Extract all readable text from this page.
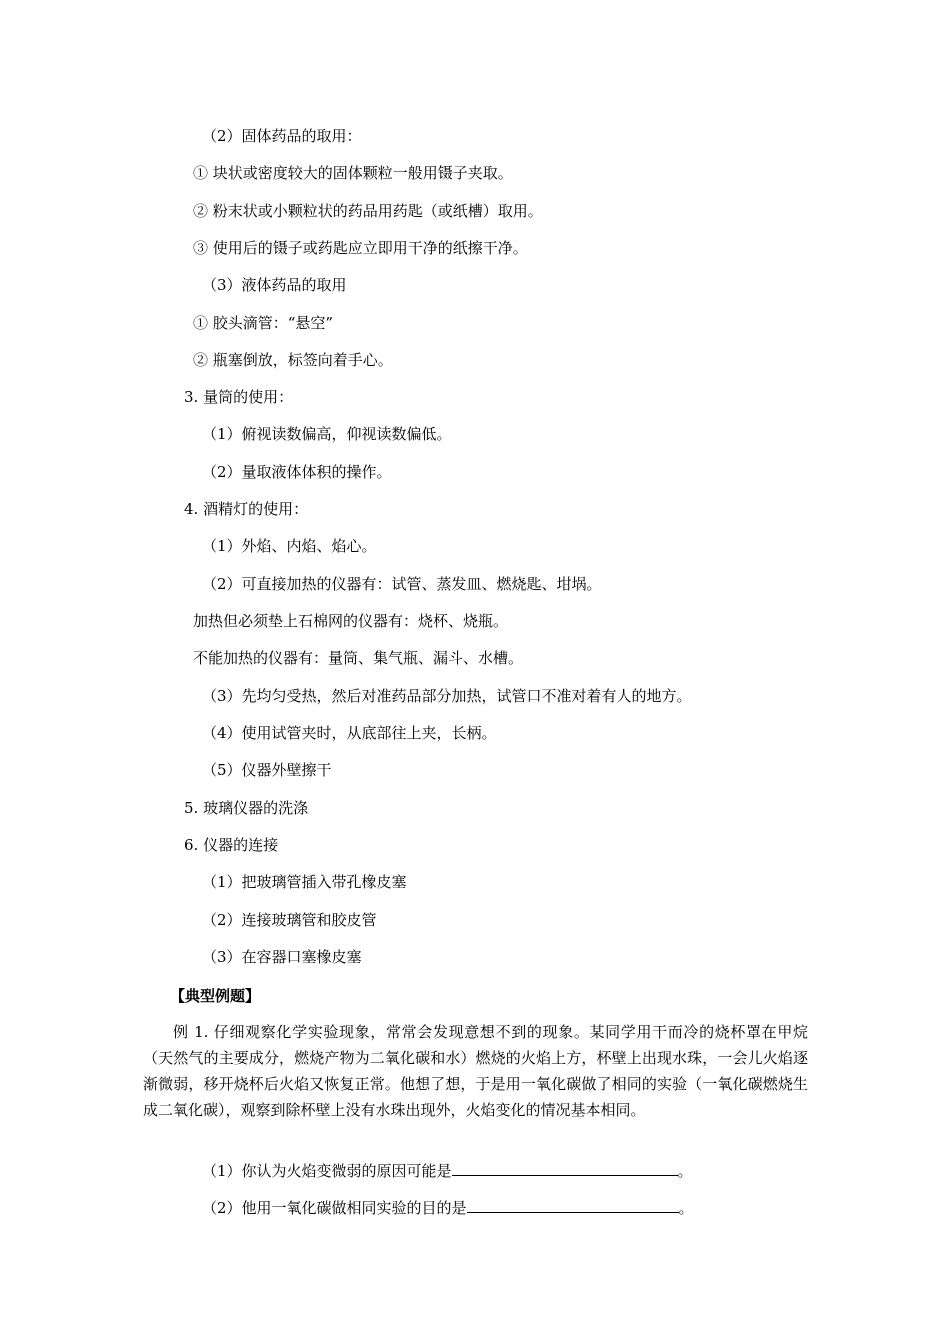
（2）固体药品的取用：
① 块状或密度较大的固体颗粒一般用镊子夹取。
② 粉末状或小颗粒状的药品用药匙（或纸槽）取用。
③ 使用后的镊子或药匙应立即用干净的纸擦干净。
（3）液体药品的取用
① 胶头滴管：“悬空”
② 瓶塞倒放，标签向着手心。
3. 量筒的使用：
（1）俯视读数偏高，仰视读数偏低。
（2）量取液体体积的操作。
4. 酒精灯的使用：
（1）外焰、内焰、焰心。
（2）可直接加热的仪器有：试管、蒸发皿、燃烧匙、坩埚。
加热但必须垫上石棉网的仪器有：烧杯、烧瓶。
不能加热的仪器有：量筒、集气瓶、漏斗、水槽。
（3）先均匀受热，然后对准药品部分加热，试管口不准对着有人的地方。
（4）使用试管夹时，从底部往上夹，长柄。
（5）仪器外壁擦干
5. 玻璃仪器的洗涤
6. 仪器的连接
（1）把玻璃管插入带孔橡皮塞
（2）连接玻璃管和胶皮管
（3）在容器口塞橡皮塞
【典型例题】

例 1. 仔细观察化学实验现象，常常会发现意想不到的现象。某同学用干而冷的烧杯罩在甲烷（天然气的主要成分，燃烧产物为二氧化碳和水）燃烧的火焰上方，杯壁上出现水珠，一会儿火焰逐渐微弱，移开烧杯后火焰又恢复正常。他想了想，于是用一氧化碳做了相同的实验（一氧化碳燃烧生成二氧化碳），观察到除杯壁上没有水珠出现外，火焰变化的情况基本相同。

（1）你认为火焰变微弱的原因可能是	。
（2）他用一氧化碳做相同实验的目的是	。
